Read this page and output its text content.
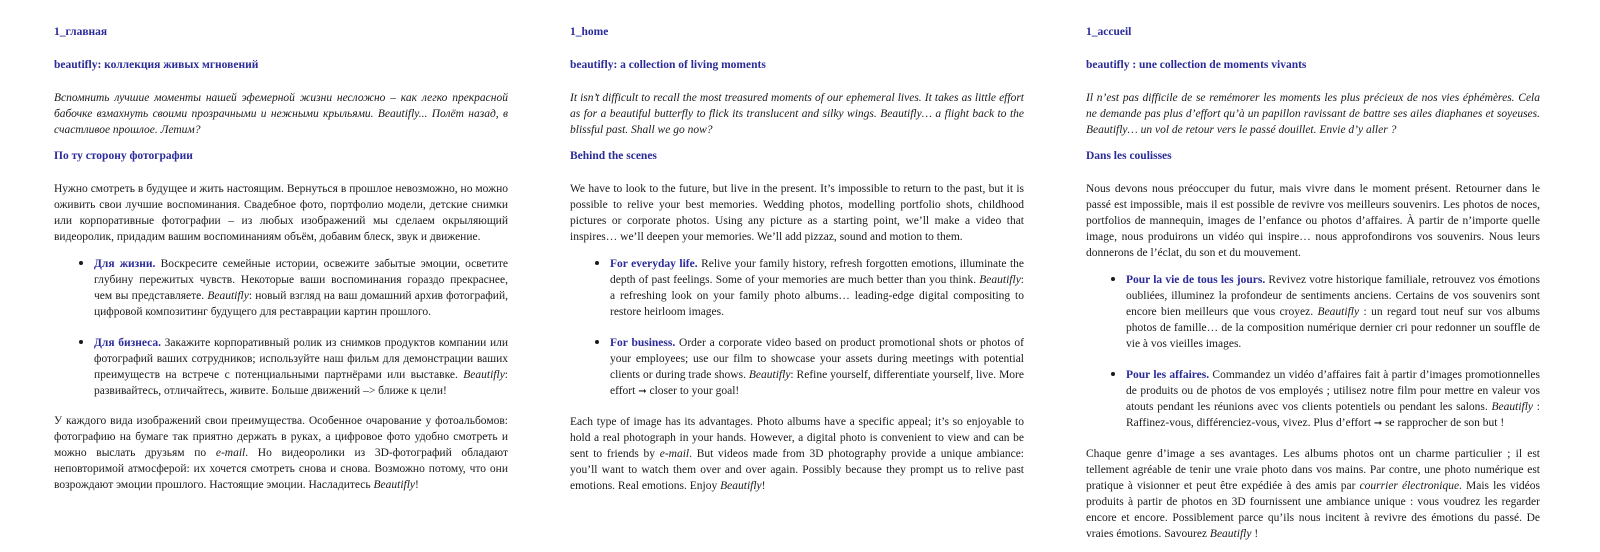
1_главная
beautifly: коллекция живых мгновений

Вспомнить лучшие моменты нашей эфемерной жизни несложно – как легко прекрасной бабочке взмахнуть своими прозрачными и нежными крыльями. Beautifly... Полёт назад, в счастливое прошлое. Летим?

По ту сторону фотографии

Нужно смотреть в будущее и жить настоящим. Вернуться в прошлое невозможно, но можно оживить свои лучшие воспоминания. Свадебное фото, портфолио модели, детские снимки или корпоративные фотографии – из любых изображений мы сделаем окрыляющий видеоролик, придадим вашим воспоминаниям объём, добавим блеск, звук и движение.

• Для жизни. Воскресите семейные истории, освежите забытые эмоции, осветите глубину пережитых чувств. Некоторые ваши воспоминания гораздо прекраснее, чем вы представляете. Beautifly: новый взгляд на ваш домашний архив фотографий, цифровой композитинг будущего для реставрации картин прошлого.
• Для бизнеса. Закажите корпоративный ролик из снимков продуктов компании или фотографий ваших сотрудников; используйте наш фильм для демонстрации ваших преимуществ на встрече с потенциальными партнёрами или выставке. Beautifly: развивайтесь, отличайтесь, живите. Больше движений –> ближе к цели!

У каждого вида изображений свои преимущества. Особенное очарование у фотоальбомов: фотографию на бумаге так приятно держать в руках, а цифровое фото удобно смотреть и можно выслать друзьям по e-mail. Но видеоролики из 3D-фотографий обладают неповторимой атмосферой: их хочется смотреть снова и снова. Возможно потому, что они возрождают эмоции прошлого. Настоящие эмоции. Насладитесь Beautifly!

1_home
beautifly: a collection of living moments

It isn’t difficult to recall the most treasured moments of our ephemeral lives. It takes as little effort as for a beautiful butterfly to flick its translucent and silky wings. Beautifly… a flight back to the blissful past. Shall we go now?

Behind the scenes

We have to look to the future, but live in the present. It’s impossible to return to the past, but it is possible to relive your best memories. Wedding photos, modelling portfolio shots, childhood pictures or corporate photos. Using any picture as a starting point, we’ll make a video that inspires… we’ll deepen your memories. We’ll add pizzaz, sound and motion to them.

• For everyday life. Relive your family history, refresh forgotten emotions, illuminate the depth of past feelings. Some of your memories are much better than you think. Beautifly: a refreshing look on your family photo albums… leading-edge digital compositing to restore heirloom images.
• For business. Order a corporate video based on product promotional shots or photos of your employees; use our film to showcase your assets during meetings with potential clients or during trade shows. Beautifly: Refine yourself, differentiate yourself, live. More effort ➞ closer to your goal!

Each type of image has its advantages. Photo albums have a specific appeal; it’s so enjoyable to hold a real photograph in your hands. However, a digital photo is convenient to view and can be sent to friends by e-mail. But videos made from 3D photography provide a unique ambiance: you’ll want to watch them over and over again. Possibly because they prompt us to relive past emotions. Real emotions. Enjoy Beautifly!

1_accueil
beautifly : une collection de moments vivants

Il n’est pas difficile de se remémorer les moments les plus précieux de nos vies éphémères. Cela ne demande pas plus d’effort qu’à un papillon ravissant de battre ses ailes diaphanes et soyeuses. Beautifly… un vol de retour vers le passé douillet. Envie d’y aller ?

Dans les coulisses

Nous devons nous préoccuper du futur, mais vivre dans le moment présent. Retourner dans le passé est impossible, mais il est possible de revivre vos meilleurs souvenirs. Les photos de noces, portfolios de mannequin, images de l’enfance ou photos d’affaires. À partir de n’importe quelle image, nous produirons un vidéo qui inspire… nous approfondirons vos souvenirs. Nous leurs donnerons de l’éclat, du son et du mouvement.

• Pour la vie de tous les jours. Revivez votre historique familiale, retrouvez vos émotions oubliées, illuminez la profondeur de sentiments anciens. Certains de vos souvenirs sont encore bien meilleurs que vous croyez. Beautifly : un regard tout neuf sur vos albums photos de famille… de la composition numérique dernier cri pour redonner un souffle de vie à vos vieilles images.
• Pour les affaires. Commandez un vidéo d’affaires fait à partir d’images promotionnelles de produits ou de photos de vos employés ; utilisez notre film pour mettre en valeur vos atouts pendant les réunions avec vos clients potentiels ou pendant les salons. Beautifly : Raffinez-vous, différenciez-vous, vivez. Plus d’effort ➞ se rapprocher de son but !

Chaque genre d’image a ses avantages. Les albums photos ont un charme particulier ; il est tellement agréable de tenir une vraie photo dans vos mains. Par contre, une photo numérique est pratique à visionner et peut être expédiée à des amis par courrier électronique. Mais les vidéos produits à partir de photos en 3D fournissent une ambiance unique : vous voudrez les regarder encore et encore. Possiblement parce qu’ils nous incitent à revivre des émotions du passé. De vraies émotions. Savourez Beautifly !
